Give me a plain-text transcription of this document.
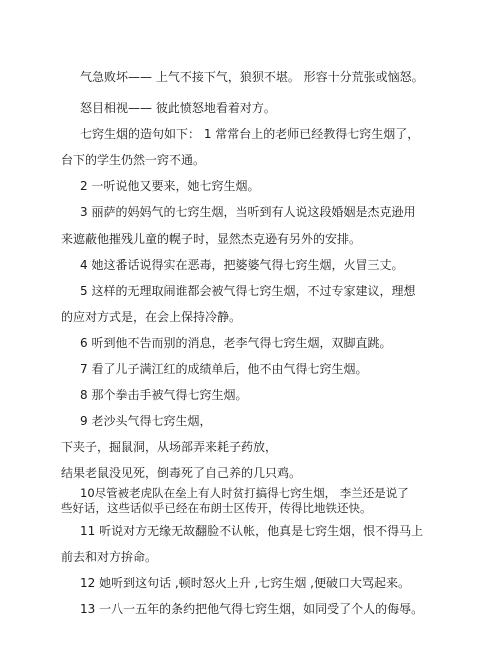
气急败坏—— 上气不接下气，狼狈不堪。 形容十分荒张或恼怒。

怒目相视—— 彼此愤怒地看着对方。

七窍生烟的造句如下： 1 常常台上的老师已经教得七窍生烟了，

台下的学生仍然一窍不通。

2 一听说他又要来，她七窍生烟。

3 丽萨的妈妈气的七窍生烟，当听到有人说这段婚姻是杰克逊用

来遮蔽他摧残儿童的幌子时，显然杰克逊有另外的安排。

4 她这番话说得实在恶毒，把婆婆气得七窍生烟，火冒三丈。

5 这样的无理取闹谁都会被气得七窍生烟，不过专家建议，理想

的应对方式是，在会上保持冷静。

6 听到他不告而别的消息，老李气得七窍生烟，双脚直跳。

7 看了儿子满江红的成绩单后，他不由气得七窍生烟。

8 那个拳击手被气得七窍生烟。

9 老沙头气得七窍生烟，

下夹子，掘鼠洞，从场部弄来耗子药放，

结果老鼠没见死，倒毒死了自己养的几只鸡。

10尽管被老虎队在垒上有人时贫打搞得七窍生烟， 李兰还是说了

些好话，这些话似乎已经在布朗士区传开，传得比地铁还快。

11 听说对方无缘无故翻脸不认帐，他真是七窍生烟，恨不得马上

前去和对方拚命。

12 她听到这句话 ,顿时怒火上升 ,七窍生烟 ,便破口大骂起来。

13 一八一五年的条约把他气得七窍生烟，如同受了个人的侮辱。
